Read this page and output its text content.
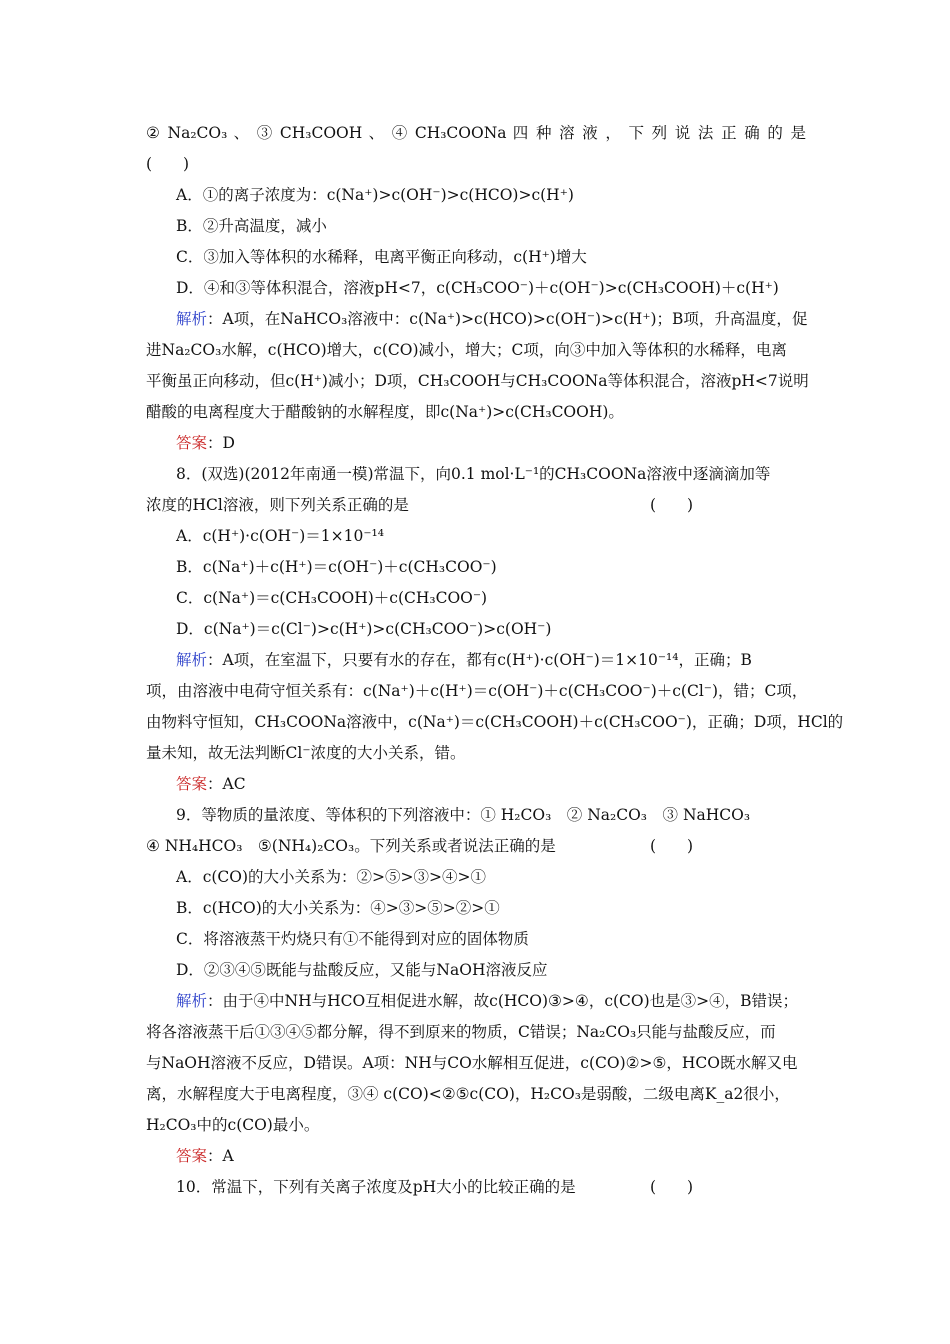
② Na₂CO₃ 、 ③ CH₃COOH 、 ④ CH₃COONa 四 种 溶 液 ， 下 列 说 法 正 确 的 是
(　　)
A．①的离子浓度为：c(Na⁺)>c(OH⁻)>c(HCO)>c(H⁺)
B．②升高温度，减小
C．③加入等体积的水稀释，电离平衡正向移动，c(H⁺)增大
D．④和③等体积混合，溶液pH<7，c(CH₃COO⁻)＋c(OH⁻)>c(CH₃COOH)＋c(H⁺)
解析：A项，在NaHCO₃溶液中：c(Na⁺)>c(HCO)>c(OH⁻)>c(H⁺)；B项，升高温度，促
进Na₂CO₃水解，c(HCO)增大，c(CO)减小，增大；C项，向③中加入等体积的水稀释，电离
平衡虽正向移动，但c(H⁺)减小；D项，CH₃COOH与CH₃COONa等体积混合，溶液pH<7说明
醋酸的电离程度大于醋酸钠的水解程度，即c(Na⁺)>c(CH₃COOH)。
答案：D
8．(双选)(2012年南通一模)常温下，向0.1 mol·L⁻¹的CH₃COONa溶液中逐滴滴加等
浓度的HCl溶液，则下列关系正确的是	(　　)
A．c(H⁺)·c(OH⁻)＝1×10⁻¹⁴
B．c(Na⁺)＋c(H⁺)＝c(OH⁻)＋c(CH₃COO⁻)
C．c(Na⁺)＝c(CH₃COOH)＋c(CH₃COO⁻)
D．c(Na⁺)＝c(Cl⁻)>c(H⁺)>c(CH₃COO⁻)>c(OH⁻)
解析：A项，在室温下，只要有水的存在，都有c(H⁺)·c(OH⁻)＝1×10⁻¹⁴，正确；B
项，由溶液中电荷守恒关系有：c(Na⁺)＋c(H⁺)＝c(OH⁻)＋c(CH₃COO⁻)＋c(Cl⁻)，错；C项，
由物料守恒知，CH₃COONa溶液中，c(Na⁺)＝c(CH₃COOH)＋c(CH₃COO⁻)，正确；D项，HCl的
量未知，故无法判断Cl⁻浓度的大小关系，错。
答案：AC
9．等物质的量浓度、等体积的下列溶液中：① H₂CO₃　② Na₂CO₃　③ NaHCO₃
④ NH₄HCO₃　⑤(NH₄)₂CO₃。下列关系或者说法正确的是	(　　)
A．c(CO)的大小关系为：②>⑤>③>④>①
B．c(HCO)的大小关系为：④>③>⑤>②>①
C．将溶液蒸干灼烧只有①不能得到对应的固体物质
D．②③④⑤既能与盐酸反应，又能与NaOH溶液反应
解析：由于④中NH与HCO互相促进水解，故c(HCO)③>④，c(CO)也是③>④，B错误；
将各溶液蒸干后①③④⑤都分解，得不到原来的物质，C错误；Na₂CO₃只能与盐酸反应，而
与NaOH溶液不反应，D错误。A项：NH与CO水解相互促进，c(CO)②>⑤，HCO既水解又电
离，水解程度大于电离程度，③④ c(CO)<②⑤c(CO)，H₂CO₃是弱酸，二级电离K_a2很小，
H₂CO₃中的c(CO)最小。
答案：A
10．常温下，下列有关离子浓度及pH大小的比较正确的是	(　　)
